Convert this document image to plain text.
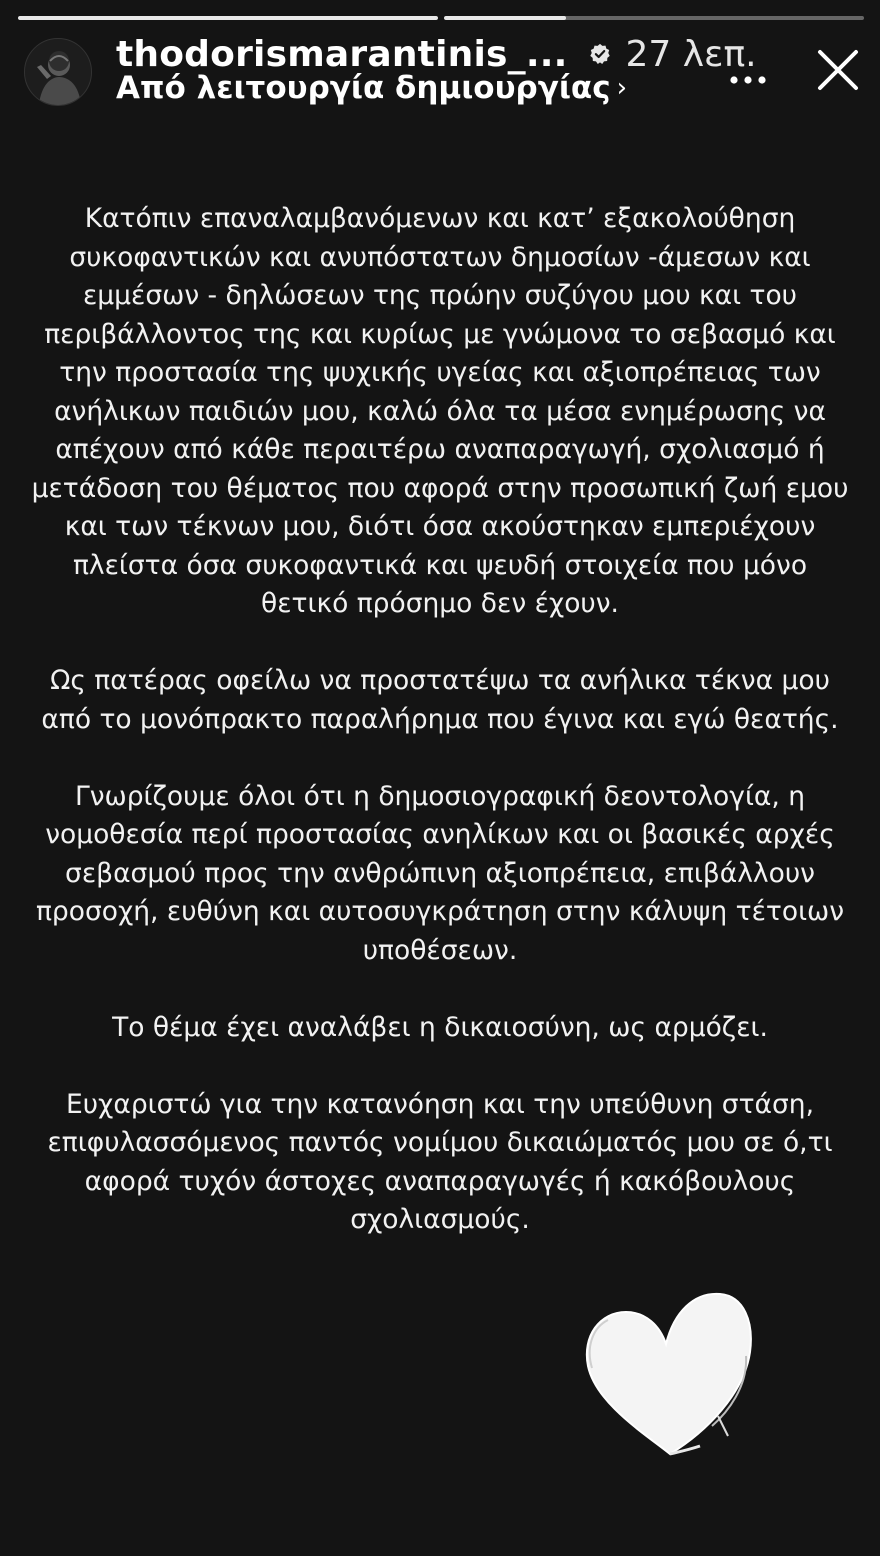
thodorismarantinis_... 27 λεπ.
Από λειτουργία δημιουργίας ›
Κατόπιν επαναλαμβανόμενων και κατ’ εξακολούθηση
συκοφαντικών και ανυπόστατων δημοσίων -άμεσων και
εμμέσων - δηλώσεων της πρώην συζύγου μου και του
περιβάλλοντος της και κυρίως με γνώμονα το σεβασμό και
την προστασία της ψυχικής υγείας και αξιοπρέπειας των
ανήλικων παιδιών μου, καλώ όλα τα μέσα ενημέρωσης να
απέχουν από κάθε περαιτέρω αναπαραγωγή, σχολιασμό ή
μετάδοση του θέματος που αφορά στην προσωπική ζωή εμου
και των τέκνων μου, διότι όσα ακούστηκαν εμπεριέχουν
πλείστα όσα συκοφαντικά και ψευδή στοιχεία που μόνο
θετικό πρόσημο δεν έχουν.
Ως πατέρας οφείλω να προστατέψω τα ανήλικα τέκνα μου
από το μονόπρακτο παραλήρημα που έγινα και εγώ θεατής.
Γνωρίζουμε όλοι ότι η δημοσιογραφική δεοντολογία, η
νομοθεσία περί προστασίας ανηλίκων και οι βασικές αρχές
σεβασμού προς την ανθρώπινη αξιοπρέπεια, επιβάλλουν
προσοχή, ευθύνη και αυτοσυγκράτηση στην κάλυψη τέτοιων
υποθέσεων.
Το θέμα έχει αναλάβει η δικαιοσύνη, ως αρμόζει.
Ευχαριστώ για την κατανόηση και την υπεύθυνη στάση,
επιφυλασσόμενος παντός νομίμου δικαιώματός μου σε ό,τι
αφορά τυχόν άστοχες αναπαραγωγές ή κακόβουλους
σχολιασμούς.
